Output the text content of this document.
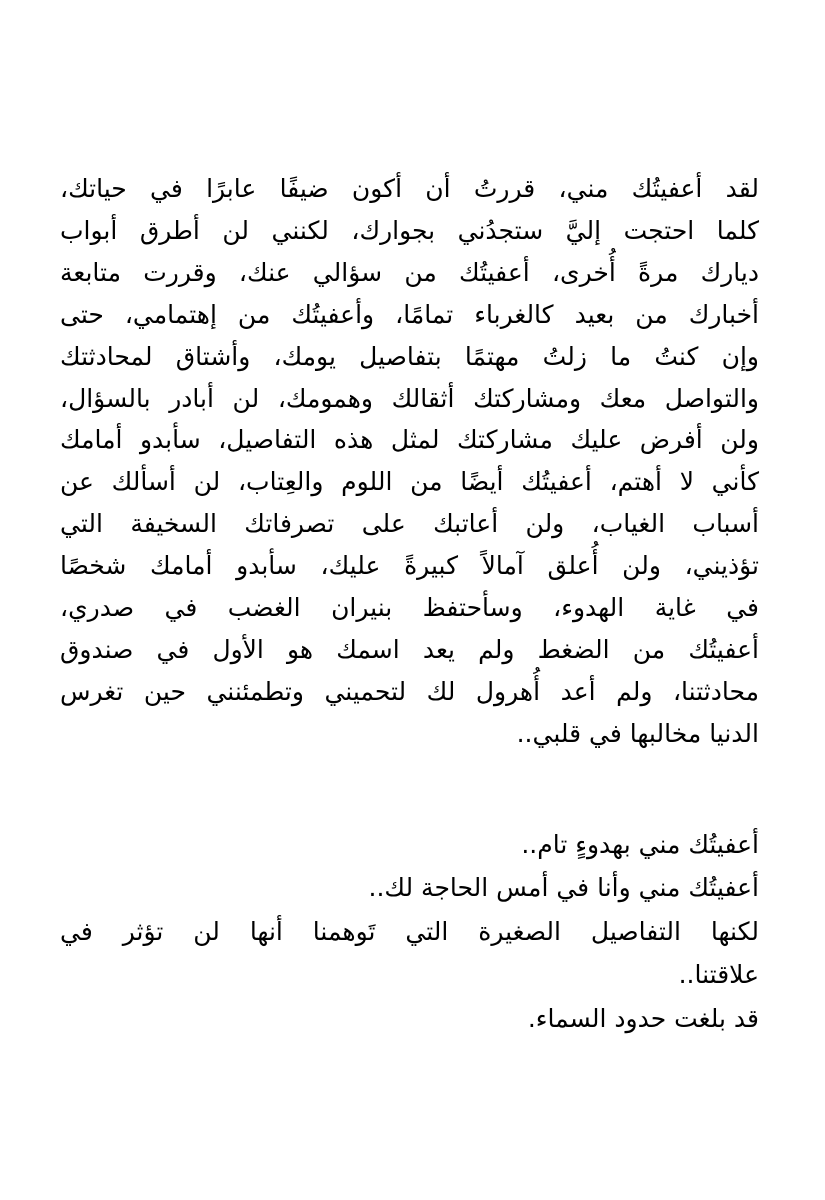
لقد أعفيتُك مني، قررتُ أن أكون ضيفًا عابرًا في حياتك،
كلما احتجت إليَّ ستجدُني بجوارك، لكنني لن أطرق أبواب
ديارك مرةً أُخرى، أعفيتُك من سؤالي عنك، وقررت متابعة
أخبارك من بعيد كالغرباء تمامًا، وأعفيتُك من إهتمامي، حتى
وإن كنتُ ما زلتُ مهتمًا بتفاصيل يومك، وأشتاق لمحادثتك
والتواصل معك ومشاركتك أثقالك وهمومك، لن أبادر بالسؤال،
ولن أفرض عليك مشاركتك لمثل هذه التفاصيل، سأبدو أمامك
كأني لا أهتم، أعفيتُك أيضًا من اللوم والعِتاب، لن أسألك عن
أسباب الغياب، ولن أعاتبك على تصرفاتك السخيفة التي
تؤذيني، ولن أُعلق آمالاً كبيرةً عليك، سأبدو أمامك شخصًا
في غاية الهدوء، وسأحتفظ بنيران الغضب في صدري،
أعفيتُك من الضغط ولم يعد اسمك هو الأول في صندوق
محادثتنا، ولم أعد أُهرول لك لتحميني وتطمئنني حين تغرس
الدنيا مخالبها في قلبي..
أعفيتُك مني بهدوءٍ تام..
أعفيتُك مني وأنا في أمس الحاجة لك..
لكنها التفاصيل الصغيرة التي تَوهمنا أنها لن تؤثر في
علاقتنا..
قد بلغت حدود السماء.
